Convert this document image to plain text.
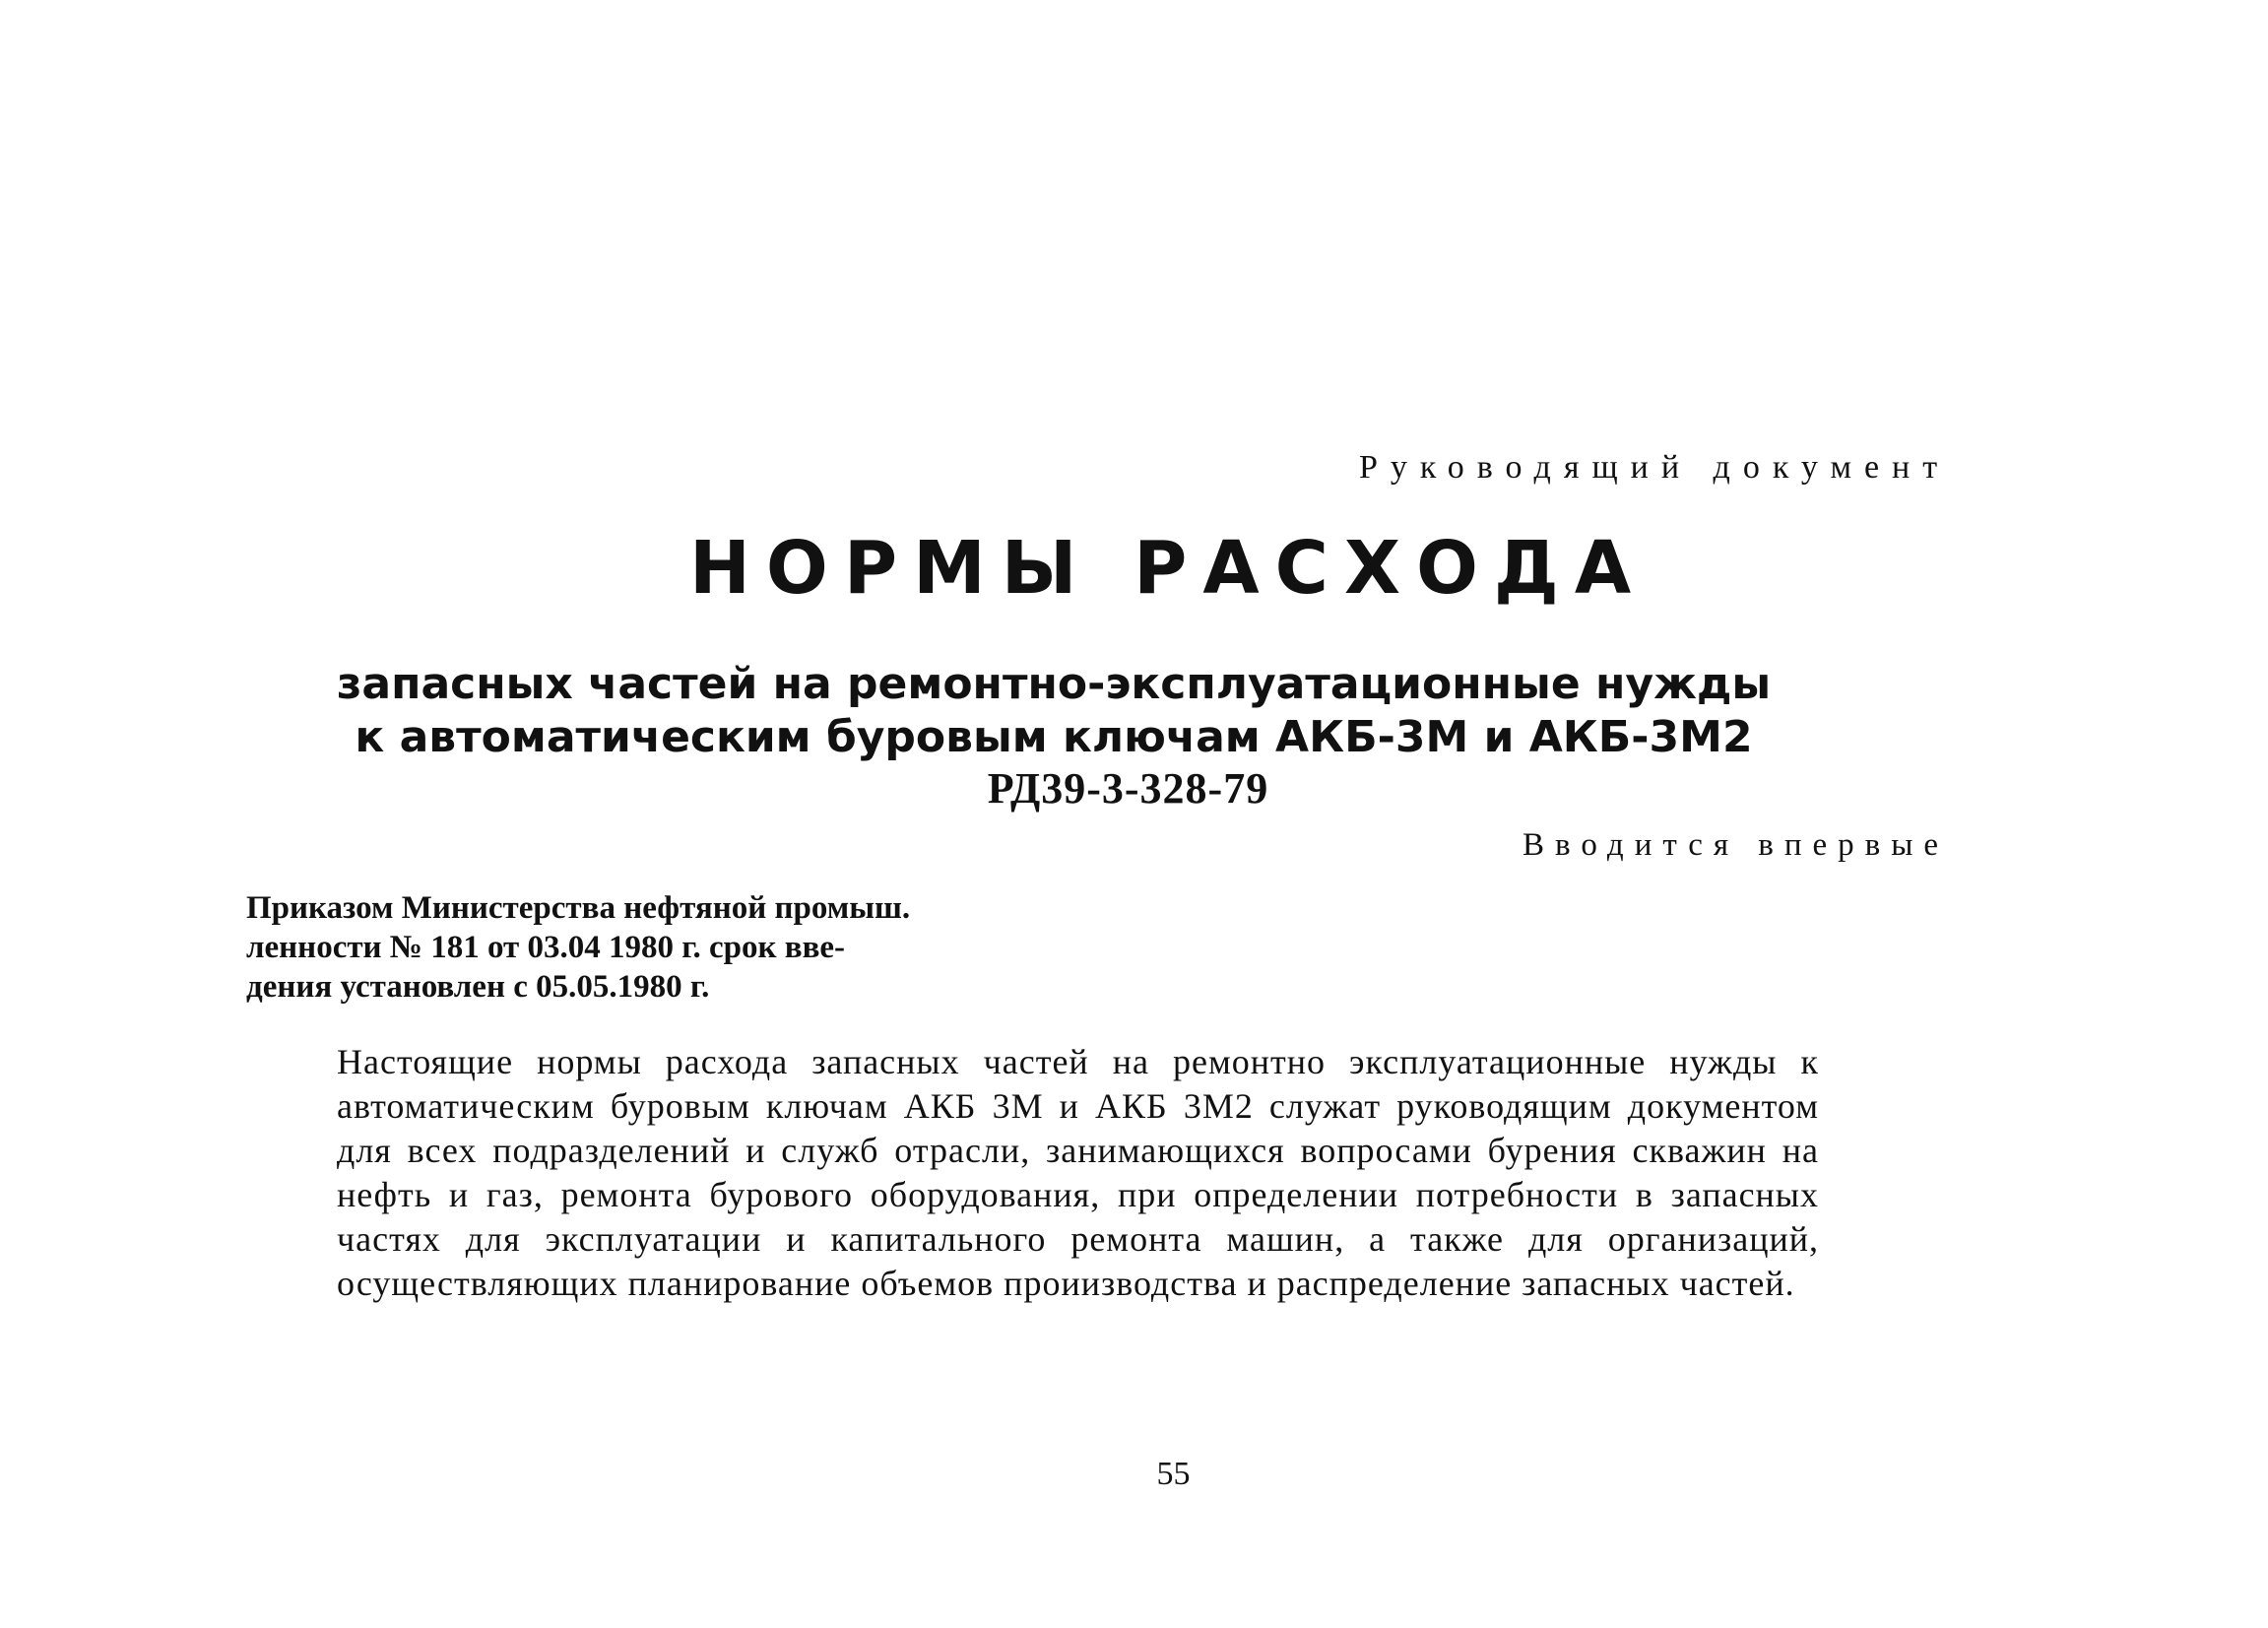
Руководящий документ
НОРМЫ РАСХОДА
запасных частей на ремонтно-эксплуатационные нужды
к автоматическим буровым ключам АКБ-3М и АКБ-3М2
РД39-3-328-79
Вводится впервые
Приказом Министерства нефтяной промыш.
ленности № 181 от 03.04 1980 г. срок вве-
дения установлен с 05.05.1980 г.
Настоящие нормы расхода запасных частей на ремонтно эксплуатационные нужды к автоматическим буровым ключам АКБ 3М и АКБ 3М2 служат руководящим документом для всех подразделений и служб отрасли, занимающихся вопросами бурения скважин на нефть и газ, ремонта бурового оборудования, при определении потребности в запасных частях для эксплуатации и капитального ремонта машин, а также для организаций, осуществляющих планирование объемов проиизводства и распределение запасных частей.
55
